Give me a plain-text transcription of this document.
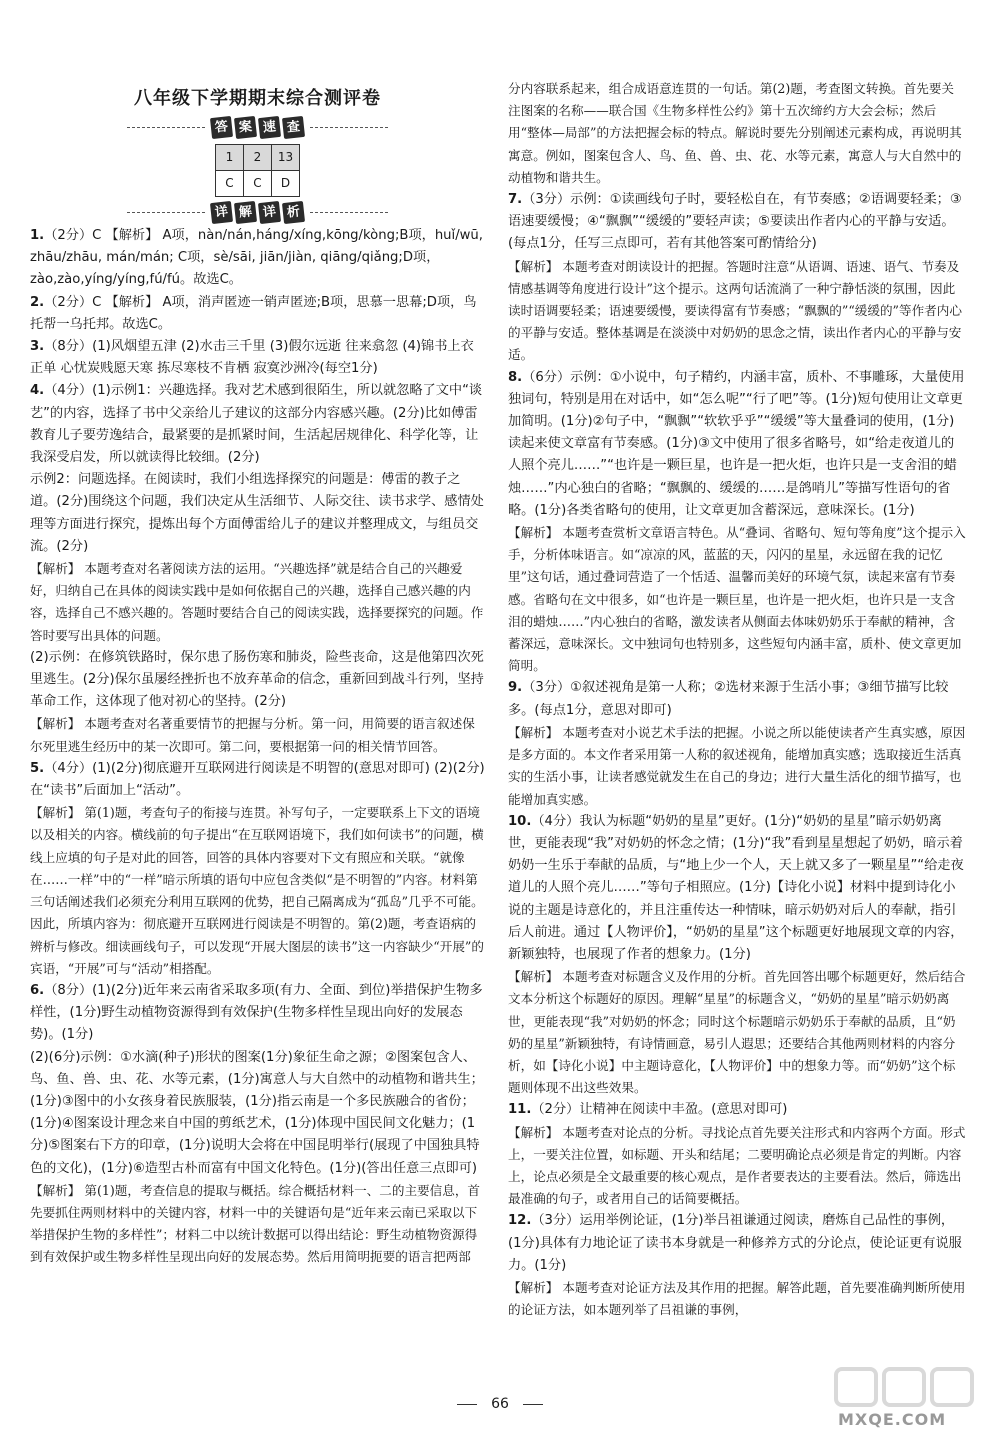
八年级下学期期末综合测评卷
答 案 速 查
1	2	13
C	C	D
详 解 详 析

1.（2分）C 【解析】 A项，nàn/nán,háng/xíng,kōng/kòng;B项，huǐ/wū, zhāu/zhāu, mán/mán; C项，sè/sāi, jiān/jiàn, qiāng/qiǎng;D项，zào,zào,yíng/yíng,fú/fú。故选C。

2.（2分）C 【解析】 A项，消声匿迹一销声匿迹;B项，思慕一思幕;D项，鸟托帮一乌托邦。故选C。

3.（8分）(1)风烟望五津 (2)水击三千里 (3)假尔远逝 往来翕忽 (4)锦书上衣正单 心忧炭贱愿天寒 拣尽寒枝不肯栖 寂寞沙洲冷(每空1分)

4.（4分）(1)示例1：兴趣选择。我对艺术感到很陌生，所以就忽略了文中“谈艺”的内容，选择了书中父亲给儿子建议的这部分内容感兴趣。(2分)比如傅雷教育儿子要劳逸结合，最紧要的是抓紧时间，生活起居规律化、科学化等，让我深受启发，所以就读得比较细。(2分)

示例2：问题选择。在阅读时，我们小组选择探究的问题是：傅雷的教子之道。(2分)围绕这个问题，我们决定从生活细节、人际交往、读书求学、感情处理等方面进行探究，提炼出每个方面傅雷给儿子的建议并整理成文，与组员交流。(2分)

【解析】 本题考查对名著阅读方法的运用。“兴趣选择”就是结合自己的兴趣爱好，归纳自己在具体的阅读实践中是如何依据自己的兴趣，选择自己感兴趣的内容，选择自己不感兴趣的。答题时要结合自己的阅读实践，选择要探究的问题。作答时要写出具体的问题。

(2)示例：在修筑铁路时，保尔患了肠伤寒和肺炎，险些丧命，这是他第四次死里逃生。(2分)保尔虽屡经挫折也不放弃革命的信念，重新回到战斗行列，坚持革命工作，这体现了他对初心的坚持。(2分)

【解析】 本题考查对名著重要情节的把握与分析。第一问，用简要的语言叙述保尔死里逃生经历中的某一次即可。第二问，要根据第一问的相关情节回答。

5.（4分）(1)(2分)彻底避开互联网进行阅读是不明智的(意思对即可) (2)(2分)在“读书”后面加上“活动”。

【解析】 第(1)题，考查句子的衔接与连贯。补写句子，一定要联系上下文的语境以及相关的内容。横线前的句子提出“在互联网语境下，我们如何读书”的问题，横线上应填的句子是对此的回答，回答的具体内容要对下文有照应和关联。“就像在……一样”中的“一样”暗示所填的语句中应包含类似“是不明智的”内容。材料第三句话阐述我们必须充分利用互联网的优势，把自己隔离成为“孤岛”几乎不可能。因此，所填内容为：彻底避开互联网进行阅读是不明智的。第(2)题，考查语病的辨析与修改。细读画线句子，可以发现“开展大图层的读书”这一内容缺少“开展”的宾语，“开展”可与“活动”相搭配。

6.（8分）(1)(2分)近年来云南省采取多项(有力、全面、到位)举措保护生物多样性，(1分)野生动植物资源得到有效保护(生物多样性呈现出向好的发展态势)。(1分)

(2)(6分)示例：①水滴(种子)形状的图案(1分)象征生命之源；②图案包含人、鸟、鱼、兽、虫、花、水等元素，(1分)寓意人与大自然中的动植物和谐共生；(1分)③图中的小女孩身着民族服装，(1分)指云南是一个多民族融合的省份；(1分)④图案设计理念来自中国的剪纸艺术，(1分)体现中国民间文化魅力；(1分)⑤图案右下方的印章，(1分)说明大会将在中国昆明举行(展现了中国独具特色的文化)，(1分)⑥造型古朴而富有中国文化特色。(1分)(答出任意三点即可)

【解析】 第(1)题，考查信息的提取与概括。综合概括材料一、二的主要信息，首先要抓住两则材料中的关键内容，材料一中的关键语句是“近年来云南已采取以下举措保护生物的多样性”；材料二中以统计数据可以得出结论：野生动植物资源得到有效保护或生物多样性呈现出向好的发展态势。然后用简明扼要的语言把两部

分内容联系起来，组合成语意连贯的一句话。第(2)题，考查图文转换。首先要关注图案的名称——联合国《生物多样性公约》第十五次缔约方大会会标；然后用“整体—局部”的方法把握会标的特点。解说时要先分别阐述元素构成，再说明其寓意。例如，图案包含人、鸟、鱼、兽、虫、花、水等元素，寓意人与大自然中的动植物和谐共生。

7.（3分）示例：①读画线句子时，要轻松自在，有节奏感；②语调要轻柔；③语速要缓慢；④“飘飘”“缓缓的”要轻声读；⑤要读出作者内心的平静与安适。(每点1分，任写三点即可，若有其他答案可酌情给分)

【解析】 本题考查对朗读设计的把握。答题时注意“从语调、语速、语气、节奏及情感基调等角度进行设计”这个提示。这两句话流淌了一种宁静恬淡的氛围，因此读时语调要轻柔；语速要缓慢，要读得富有节奏感；“飘飘的”“缓缓的”等作者内心的平静与安适。整体基调是在淡淡中对奶奶的思念之情，读出作者内心的平静与安适。

8.（6分）示例：①小说中，句子精约，内涵丰富，质朴、不事雕琢，大量使用独词句，特别是用在对话中，如“怎么呢”“行了吧”等。(1分)短句使用让文章更加简明。(1分)②句子中，“飘飘”“软软乎乎”“缓缓”等大量叠词的使用，(1分)读起来使文章富有节奏感。(1分)③文中使用了很多省略号，如“给走夜道儿的人照个亮儿……”“也许是一颗巨星，也许是一把火炬，也许只是一支舍泪的蜡烛……”内心独白的省略；“飘飘的、缓缓的……是鸽哨儿”等描写性语句的省略。(1分)各类省略句的使用，让文章更加含蓄深远，意味深长。(1分)

【解析】 本题考查赏析文章语言特色。从“叠词、省略句、短句等角度”这个提示入手，分析体味语言。如“凉凉的风，蓝蓝的天，闪闪的星星，永远留在我的记忆里”这句话，通过叠词营造了一个恬适、温馨而美好的环境气氛，读起来富有节奏感。省略句在文中很多，如“也许是一颗巨星，也许是一把火炬，也许只是一支含泪的蜡烛……”内心独白的省略，激发读者从侧面去体味奶奶乐于奉献的精神，含蓄深远，意味深长。文中独词句也特别多，这些短句内涵丰富，质朴、使文章更加简明。

9.（3分）①叙述视角是第一人称；②选材来源于生活小事；③细节描写比较多。(每点1分，意思对即可)

【解析】 本题考查对小说艺术手法的把握。小说之所以能使读者产生真实感，原因是多方面的。本文作者采用第一人称的叙述视角，能增加真实感；选取接近生活真实的生活小事，让读者感觉就发生在自己的身边；进行大量生活化的细节描写，也能增加真实感。

10.（4分）我认为标题“奶奶的星星”更好。(1分)“奶奶的星星”暗示奶奶离世，更能表现“我”对奶奶的怀念之情；(1分)“我”看到星星想起了奶奶，暗示着奶奶一生乐于奉献的品质，与“地上少一个人，天上就又多了一颗星星”“给走夜道儿的人照个亮儿……”等句子相照应。(1分)【诗化小说】材料中提到诗化小说的主题是诗意化的，并且注重传达一种情味，暗示奶奶对后人的奉献，指引后人前进。通过【人物评价】，“奶奶的星星”这个标题更好地展现文章的内容，新颖独特，也展现了作者的想象力。(1分)

【解析】 本题考查对标题含义及作用的分析。首先回答出哪个标题更好，然后结合文本分析这个标题好的原因。理解“星星”的标题含义，“奶奶的星星”暗示奶奶离世，更能表现“我”对奶奶的怀念；同时这个标题暗示奶奶乐于奉献的品质，且“奶奶的星星”新颖独特，有诗情画意，易引人遐思；还要结合其他两则材料的内容分析，如【诗化小说】中主题诗意化，【人物评价】中的想象力等。而“奶奶”这个标题则体现不出这些效果。

11.（2分）让精神在阅读中丰盈。(意思对即可)

【解析】 本题考查对论点的分析。寻找论点首先要关注形式和内容两个方面。形式上，一要关注位置，如标题、开头和结尾；二要明确论点必须是肯定的判断。内容上，论点必须是全文最重要的核心观点，是作者要表达的主要看法。然后，筛选出最准确的句子，或者用自己的话简要概括。

12.（3分）运用举例论证，(1分)举吕祖谦通过阅读，磨炼自己品性的事例，(1分)具体有力地论证了读书本身就是一种修养方式的分论点，使论证更有说服力。(1分)

【解析】 本题考查对论证方法及其作用的把握。解答此题，首先要准确判断所使用的论证方法，如本题列举了吕祖谦的事例，

66
MXQE.COM
